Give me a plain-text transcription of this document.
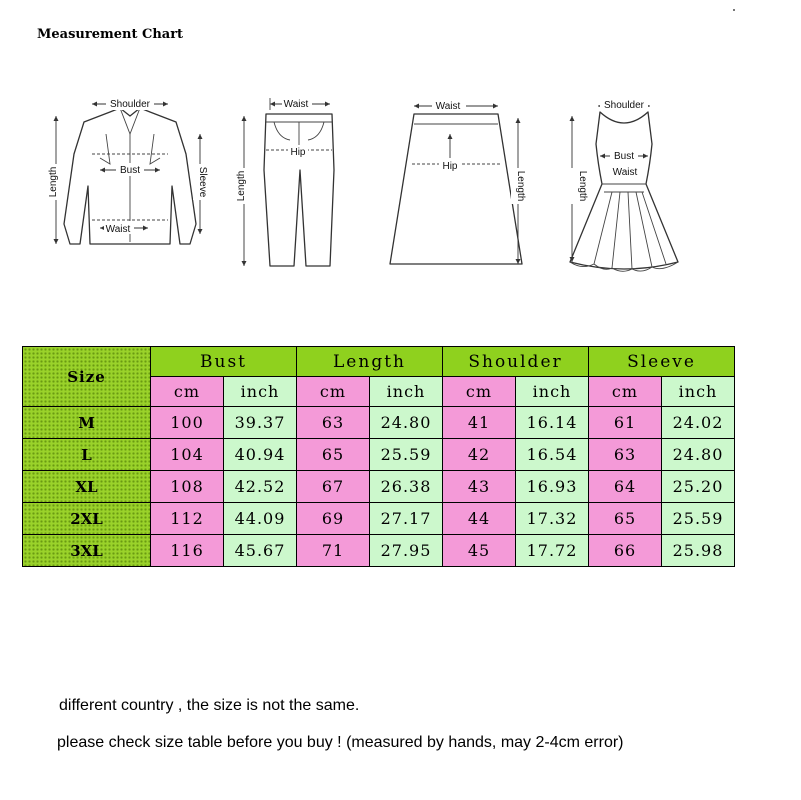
Measurement Chart
Shoulder
Bust
Waist
Length	Sleeve
Waist
Hip
Length
Waist
Hip
Length
Shoulder
Bust
Waist
Length
Size	Bust		Length		Shoulder		Sleeve	
	cm	inch	cm	inch	cm	inch	cm	inch
M	100	39.37	63	24.80	41	16.14	61	24.02
L	104	40.94	65	25.59	42	16.54	63	24.80
XL	108	42.52	67	26.38	43	16.93	64	25.20
2XL	112	44.09	69	27.17	44	17.32	65	25.59
3XL	116	45.67	71	27.95	45	17.72	66	25.98
different country , the size is not the same.
please check size table before you buy ! (measured by hands, may 2-4cm error)
